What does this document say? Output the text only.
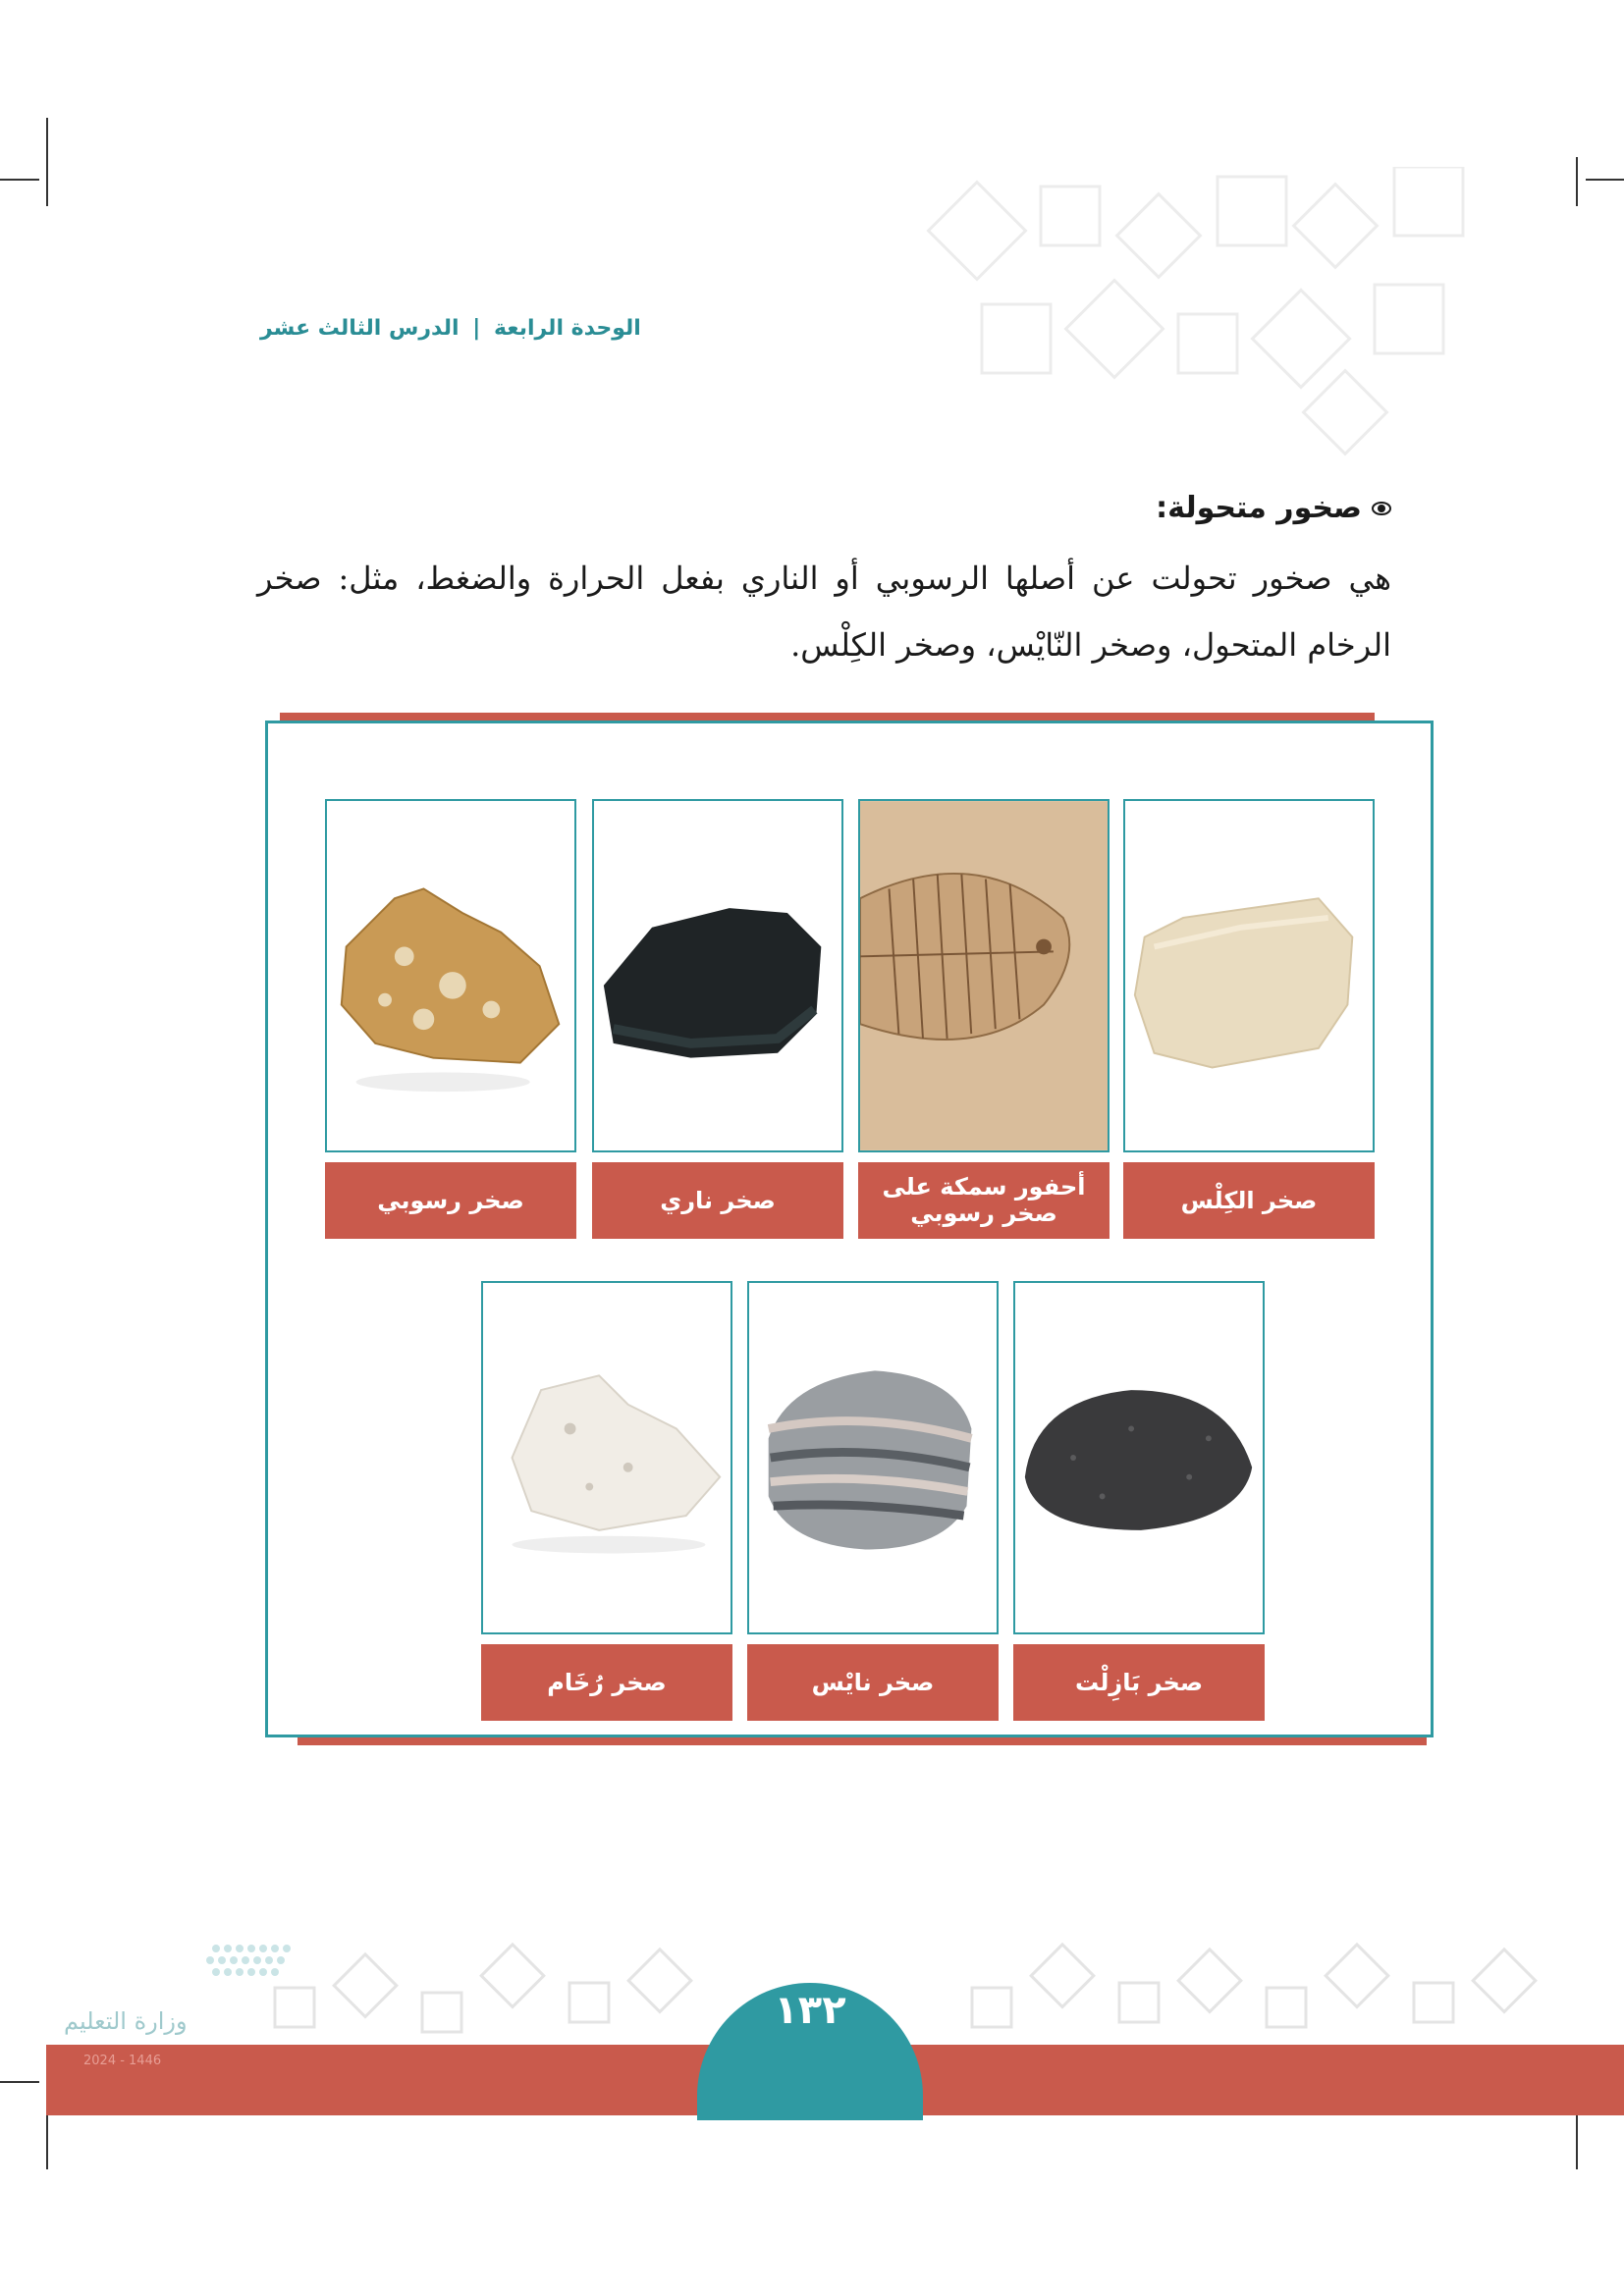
الوحدة الرابعة | الدرس الثالث عشر
صخور متحولة:
هي صخور تحولت عن أصلها الرسوبي أو الناري بفعل الحرارة والضغط، مثل: صخر الرخام المتحول، وصخر النّايْس، وصخر الكِلْس.
صخر الكِلْس
أحفور سمكة على صخر رسوبي
صخر ناري
صخر رسوبي
صخر بَازِلْت
صخر نايْس
صخر رُخَام
١٣٢
وزارة التعليم
2024 - 1446
